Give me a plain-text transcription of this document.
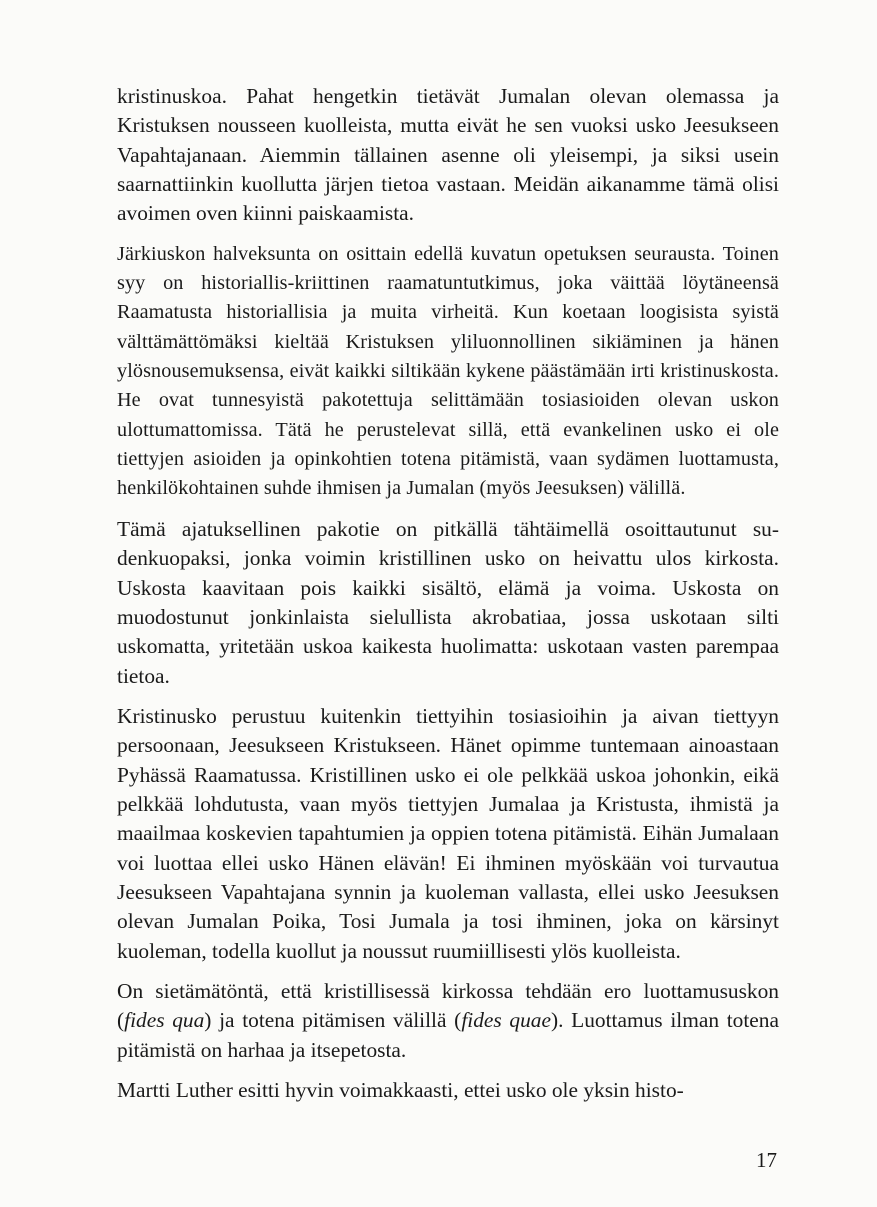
kristinuskoa. Pahat hengetkin tietävät Jumalan olevan olemassa ja Kristuksen nousseen kuolleista, mutta eivät he sen vuoksi usko Jeesukseen Vapahtajanaan. Aiemmin tällainen asenne oli yleisempi, ja siksi usein saarnattiinkin kuollutta järjen tietoa vastaan. Meidän aikanamme tämä olisi avoimen oven kiinni paiskaamista.

Järkiuskon halveksunta on osittain edellä kuvatun opetuksen seurausta. Toinen syy on historiallis-kriittinen raamatuntutkimus, joka väittää löytäneensä Raamatusta historiallisia ja muita virheitä. Kun koetaan loogisista syistä välttämättömäksi kieltää Kristuksen yliluonnollinen sikiäminen ja hänen ylösnousemuksensa, eivät kaikki siltikään kykene päästämään irti kristinuskosta. He ovat tunnesyistä pakotettuja selittämään tosiasioiden olevan uskon ulottumattomissa. Tätä he perustelevat sillä, että evankelinen usko ei ole tiettyjen asioiden ja opinkohtien totena pitämistä, vaan sydämen luottamusta, henkilökohtainen suhde ihmisen ja Jumalan (myös Jeesuksen) välillä.

Tämä ajatuksellinen pakotie on pitkällä tähtäimellä osoittautunut sudenkuopaksi, jonka voimin kristillinen usko on heivattu ulos kirkosta. Uskosta kaavitaan pois kaikki sisältö, elämä ja voima. Uskosta on muodostunut jonkinlaista sielullista akrobatiaa, jossa uskotaan silti uskomatta, yritetään uskoa kaikesta huolimatta: uskotaan vasten parempaa tietoa.

Kristinusko perustuu kuitenkin tiettyihin tosiasioihin ja aivan tiettyyn persoonaan, Jeesukseen Kristukseen. Hänet opimme tuntemaan ainoastaan Pyhässä Raamatussa. Kristillinen usko ei ole pelkkää uskoa johonkin, eikä pelkkää lohdutusta, vaan myös tiettyjen Jumalaa ja Kristusta, ihmistä ja maailmaa koskevien tapahtumien ja oppien totena pitämistä. Eihän Jumalaan voi luottaa ellei usko Hänen elävän! Ei ihminen myöskään voi turvautua Jeesukseen Vapahtajana synnin ja kuoleman vallasta, ellei usko Jeesuksen olevan Jumalan Poika, Tosi Jumala ja tosi ihminen, joka on kärsinyt kuoleman, todella kuollut ja noussut ruumiillisesti ylös kuolleista.

On sietämätöntä, että kristillisessä kirkossa tehdään ero luottamususkon (fides qua) ja totena pitämisen välillä (fides quae). Luottamus ilman totena pitämistä on harhaa ja itsepetosta.

Martti Luther esitti hyvin voimakkaasti, ettei usko ole yksin histo-

17
